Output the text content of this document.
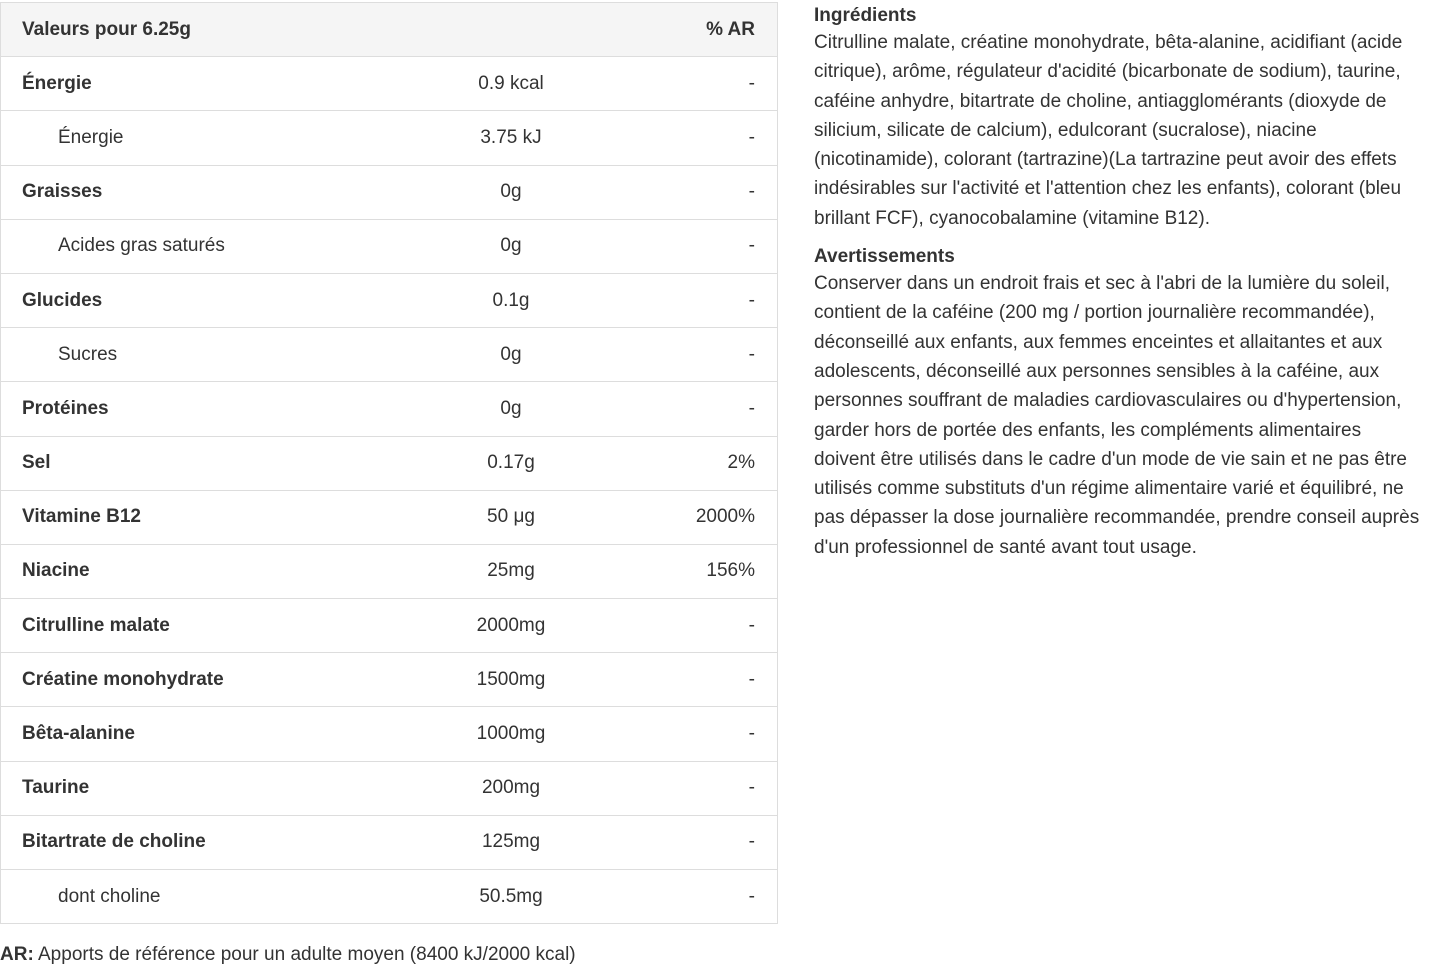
Valeurs pour 6.25g	% AR
Énergie	0.9 kcal	-
Énergie	3.75 kJ	-
Graisses	0g	-
Acides gras saturés	0g	-
Glucides	0.1g	-
Sucres	0g	-
Protéines	0g	-
Sel	0.17g	2%
Vitamine B12	50 μg	2000%
Niacine	25mg	156%
Citrulline malate	2000mg	-
Créatine monohydrate	1500mg	-
Bêta-alanine	1000mg	-
Taurine	200mg	-
Bitartrate de choline	125mg	-
dont choline	50.5mg	-
AR: Apports de référence pour un adulte moyen (8400 kJ/2000 kcal)
Ingrédients

Citrulline malate, créatine monohydrate, bêta-alanine, acidifiant (acide citrique), arôme, régulateur d'acidité (bicarbonate de sodium), taurine, caféine anhydre, bitartrate de choline, antiagglomérants (dioxyde de silicium, silicate de calcium), edulcorant (sucralose), niacine (nicotinamide), colorant (tartrazine)(La tartrazine peut avoir des effets indésirables sur l'activité et l'attention chez les enfants), colorant (bleu brillant FCF), cyanocobalamine (vitamine B12).

Avertissements

Conserver dans un endroit frais et sec à l'abri de la lumière du soleil, contient de la caféine (200 mg / portion journalière recommandée), déconseillé aux enfants, aux femmes enceintes et allaitantes et aux adolescents, déconseillé aux personnes sensibles à la caféine, aux personnes souffrant de maladies cardiovasculaires ou d'hypertension, garder hors de portée des enfants, les compléments alimentaires doivent être utilisés dans le cadre d'un mode de vie sain et ne pas être utilisés comme substituts d'un régime alimentaire varié et équilibré, ne pas dépasser la dose journalière recommandée, prendre conseil auprès d'un professionnel de santé avant tout usage.
